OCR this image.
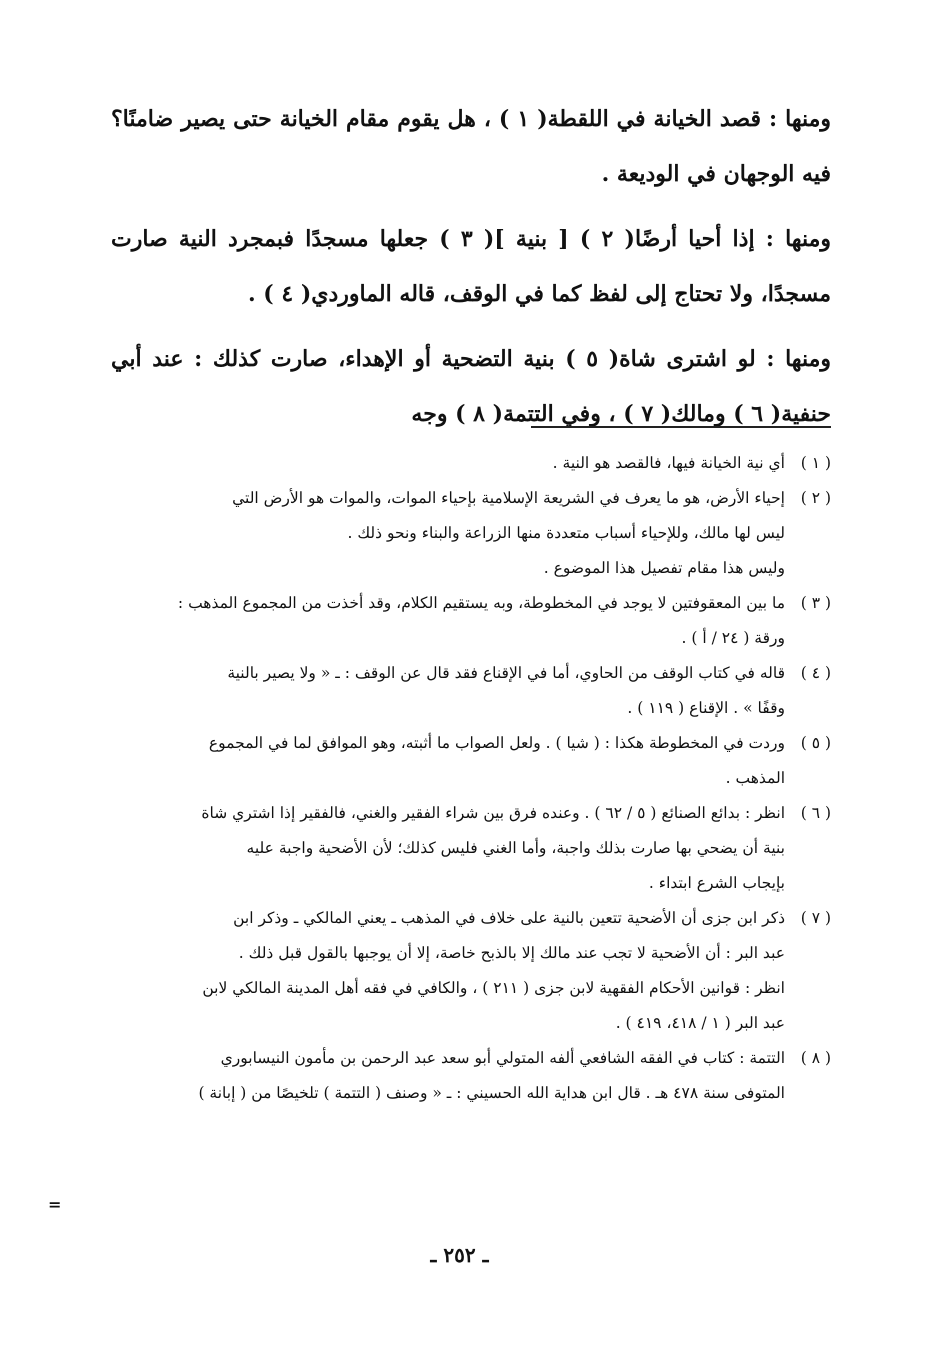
ومنها : قصد الخيانة في اللقطة( ١ ) ، هل يقوم مقام الخيانة حتى يصير ضامنًا؟ فيه الوجهان في الوديعة .

ومنها : إذا أحيا أرضًا( ٢ ) [ بنية ]( ٣ ) جعلها مسجدًا فبمجرد النية صارت مسجدًا، ولا تحتاج إلى لفظ كما في الوقف، قاله الماوردي( ٤ ) .

ومنها : لو اشترى شاة( ٥ ) بنية التضحية أو الإهداء، صارت كذلك : عند أبي حنفية( ٦ ) ومالك( ٧ ) ، وفي التتمة( ٨ ) وجه

( ١ )
أي نية الخيانة فيها، فالقصد هو النية .
( ٢ )
إحياء الأرض، هو ما يعرف في الشريعة الإسلامية بإحياء الموات، والموات هو الأرض التي
ليس لها مالك، وللإحياء أسباب متعددة منها الزراعة والبناء ونحو ذلك .
وليس هذا مقام تفصيل هذا الموضوع .
( ٣ )
ما بين المعقوفتين لا يوجد في المخطوطة، وبه يستقيم الكلام، وقد أخذت من المجموع المذهب :
ورقة ( ٢٤ / أ ) .
( ٤ )
قاله في كتاب الوقف من الحاوي، أما في الإقناع فقد قال عن الوقف : ـ « ولا يصير بالنية
وقفًا » . الإقناع ( ١١٩ ) .
( ٥ )
وردت في المخطوطة هكذا : ( شيا ) . ولعل الصواب ما أثبته، وهو الموافق لما في المجموع
المذهب .
( ٦ )
انظر : بدائع الصنائع ( ٥ / ٦٢ ) . وعنده فرق بين شراء الفقير والغني، فالفقير إذا اشتري شاة
بنية أن يضحي بها صارت بذلك واجبة، وأما الغني فليس كذلك؛ لأن الأضحية واجبة عليه
بإيجاب الشرع ابتداء .
( ٧ )
ذكر ابن جزى أن الأضحية تتعين بالنية على خلاف في المذهب ـ يعني المالكي ـ وذكر ابن
عبد البر : أن الأضحية لا تجب عند مالك إلا بالذبح خاصة، إلا أن يوجبها بالقول قبل ذلك .
انظر : قوانين الأحكام الفقهية لابن جزى ( ٢١١ ) ، والكافي في فقه أهل المدينة المالكي لابن
عبد البر ( ١ / ٤١٨، ٤١٩ ) .
( ٨ )
التتمة : كتاب في الفقه الشافعي ألفه المتولي أبو سعد عبد الرحمن بن مأمون النيسابوري
المتوفى سنة ٤٧٨ هـ . قال ابن هداية الله الحسيني : ـ « وصنف ( التتمة ) تلخيصًا من ( إبانة )
=
ـ ٢٥٢ ـ
